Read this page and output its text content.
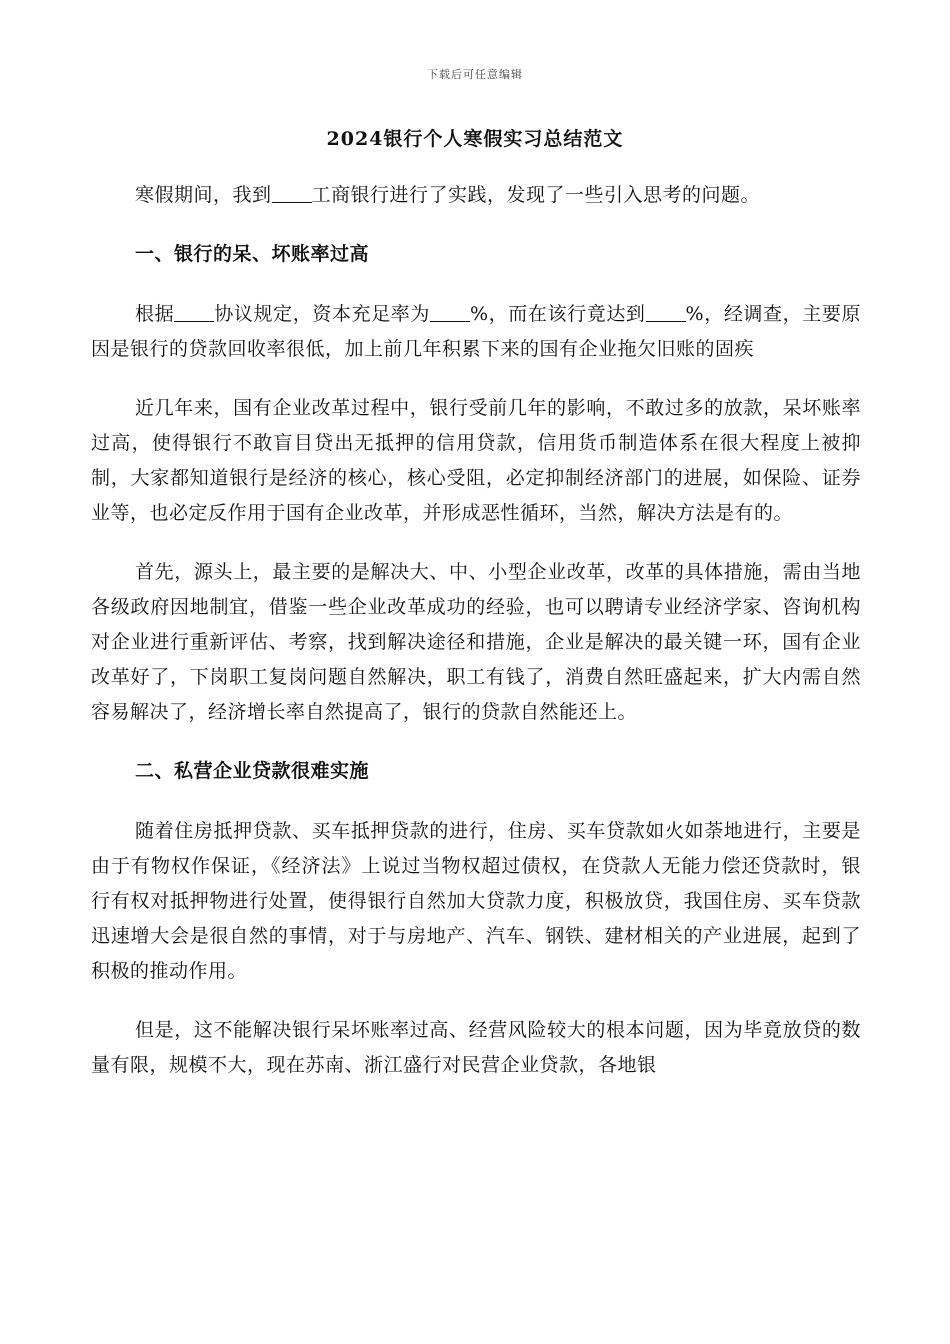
下载后可任意编辑
2024银行个人寒假实习总结范文

寒假期间，我到 工商银行进行了实践，发现了一些引入思考的问题。

一、银行的呆、坏账率过高

根据 协议规定，资本充足率为 %，而在该行竟达到 %，经调查，主要原因是银行的贷款回收率很低，加上前几年积累下来的国有企业拖欠旧账的固疾

近几年来，国有企业改革过程中，银行受前几年的影响，不敢过多的放款，呆坏账率过高，使得银行不敢盲目贷出无抵押的信用贷款，信用货币制造体系在很大程度上被抑制，大家都知道银行是经济的核心，核心受阻，必定抑制经济部门的进展，如保险、证券业等，也必定反作用于国有企业改革，并形成恶性循环，当然，解决方法是有的。

首先，源头上，最主要的是解决大、中、小型企业改革，改革的具体措施，需由当地各级政府因地制宜，借鉴一些企业改革成功的经验，也可以聘请专业经济学家、咨询机构对企业进行重新评估、考察，找到解决途径和措施，企业是解决的最关键一环，国有企业改革好了，下岗职工复岗问题自然解决，职工有钱了，消费自然旺盛起来，扩大内需自然容易解决了，经济增长率自然提高了，银行的贷款自然能还上。

二、私营企业贷款很难实施

随着住房抵押贷款、买车抵押贷款的进行，住房、买车贷款如火如荼地进行，主要是由于有物权作保证，《经济法》上说过当物权超过债权，在贷款人无能力偿还贷款时，银行有权对抵押物进行处置，使得银行自然加大贷款力度，积极放贷，我国住房、买车贷款迅速增大会是很自然的事情，对于与房地产、汽车、钢铁、建材相关的产业进展，起到了积极的推动作用。

但是，这不能解决银行呆坏账率过高、经营风险较大的根本问题，因为毕竟放贷的数量有限，规模不大，现在苏南、浙江盛行对民营企业贷款，各地银
